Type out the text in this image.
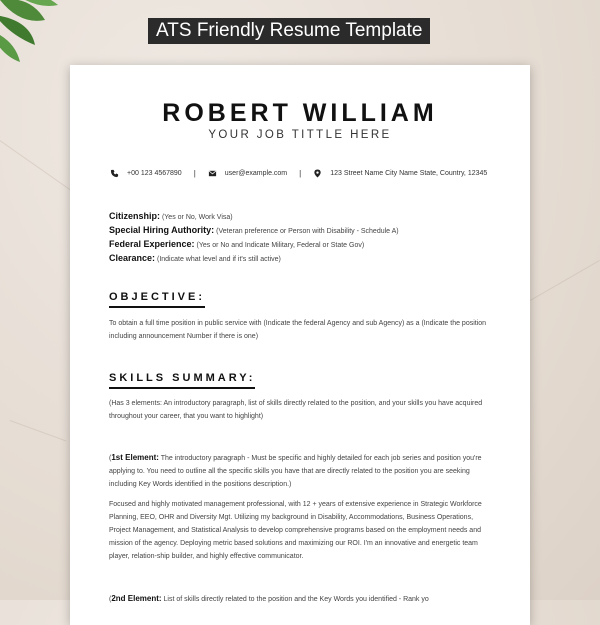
ATS Friendly Resume Template
ROBERT WILLIAM
YOUR JOB TITTLE HERE
+00 123 4567890 |	user@example.com |	123 Street Name City Name State, Country, 12345
Citizenship: (Yes or No, Work Visa)
Special Hiring Authority: (Veteran preference or Person with Disability - Schedule A)
Federal Experience: (Yes or No and Indicate Military, Federal or State Gov)
Clearance: (Indicate what level and if it's still active)
OBJECTIVE:
To obtain a full time position in public service with (Indicate the federal Agency and sub Agency) as a (Indicate the position including announcement Number if there is one)
SKILLS SUMMARY:
(Has 3 elements: An introductory paragraph, list of skills directly related to the position, and your skills you have acquired throughout your career, that you want to highlight)
(1st Element: The introductory paragraph - Must be specific and highly detailed for each job series and position you're applying to. You need to outline all the specific skills you have that are directly related to the position you are seeking including Key Words identified in the positions description.)
Focused and highly motivated management professional, with 12 + years of extensive experience in Strategic Workforce Planning, EEO, OHR and Diversity Mgt. Utilizing my background in Disability, Accommodations, Business Operations, Project Management, and Statistical Analysis to develop comprehensive programs based on the employment needs and mission of the agency. Deploying metric based solutions and maximizing our ROI. I'm an innovative and energetic team player, relation-ship builder, and highly effective communicator.
(2nd Element: List of skills directly related to the position and the Key Words you identified - Rank yo
